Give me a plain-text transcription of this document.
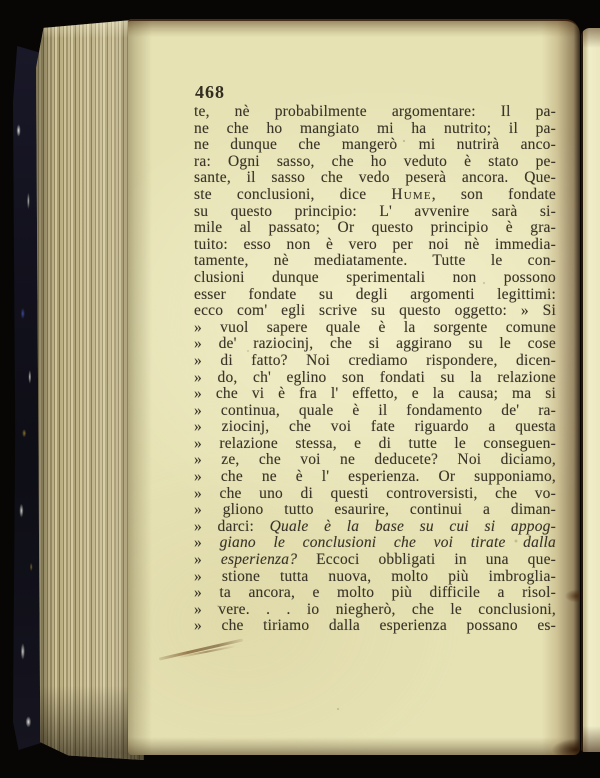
468
te, nè probabilmente argomentare: Il pa-
ne che ho mangiato mi ha nutrito; il pa-
ne dunque che mangerò mi nutrirà anco-
ra: Ogni sasso, che ho veduto è stato pe-
sante, il sasso che vedo peserà ancora. Que-
ste conclusioni, dice Hume, son fondate
su questo principio: L' avvenire sarà si-
mile al passato; Or questo principio è gra-
tuito: esso non è vero per noi nè immedia-
tamente, nè mediatamente. Tutte le con-
clusioni dunque sperimentali non possono
esser fondate su degli argomenti legittimi:
ecco com' egli scrive su questo oggetto: » Si
» vuol sapere quale è la sorgente comune
» de' raziocinj, che si aggirano su le cose
» di fatto? Noi crediamo rispondere, dicen-
» do, ch' eglino son fondati su la relazione
» che vi è fra l' effetto, e la causa; ma si
» continua, quale è il fondamento de' ra-
» ziocinj, che voi fate riguardo a questa
» relazione stessa, e di tutte le conseguen-
» ze, che voi ne deducete? Noi diciamo,
» che ne è l' esperienza. Or supponiamo,
» che uno di questi controversisti, che vo-
» gliono tutto esaurire, continui a diman-
» darci: Quale è la base su cui si appog-
» giano le conclusioni che voi tirate dalla
» esperienza? Eccoci obbligati in una que-
» stione tutta nuova, molto più imbroglia-
» ta ancora, e molto più difficile a risol-
» vere. . . io niegherò, che le conclusioni,
» che tiriamo dalla esperienza possano es-
